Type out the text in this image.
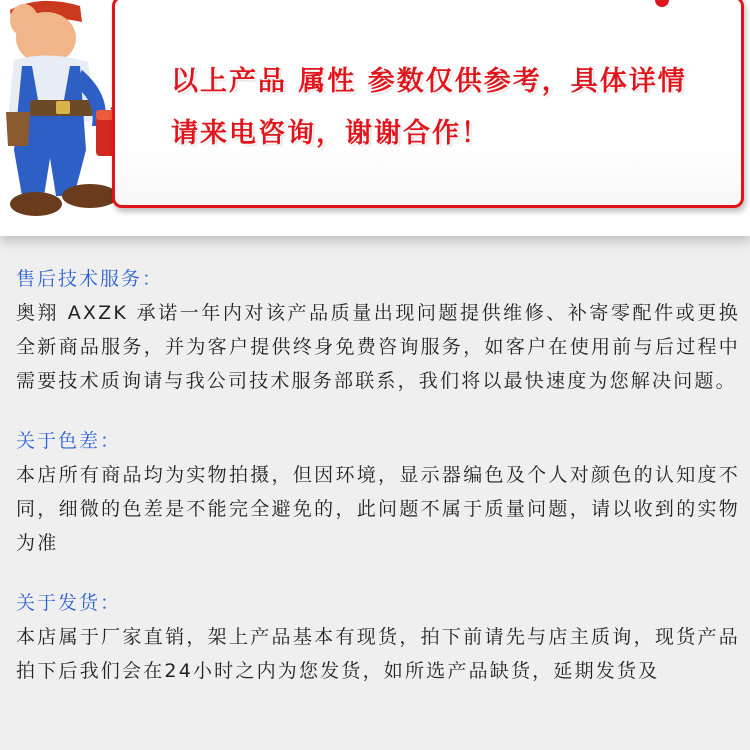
以上产品 属性 参数仅供参考，具体详情

请来电咨询，谢谢合作！

售后技术服务：

奥翔 AXZK 承诺一年内对该产品质量出现问题提供维修、补寄零配件或更换全新商品服务，并为客户提供终身免费咨询服务，如客户在使用前与后过程中需要技术质询请与我公司技术服务部联系，我们将以最快速度为您解决问题。

关于色差：

本店所有商品均为实物拍摄，但因环境，显示器编色及个人对颜色的认知度不同，细微的色差是不能完全避免的，此问题不属于质量问题，请以收到的实物为准

关于发货：

本店属于厂家直销，架上产品基本有现货，拍下前请先与店主质询，现货产品拍下后我们会在24小时之内为您发货，如所选产品缺货，延期发货及
